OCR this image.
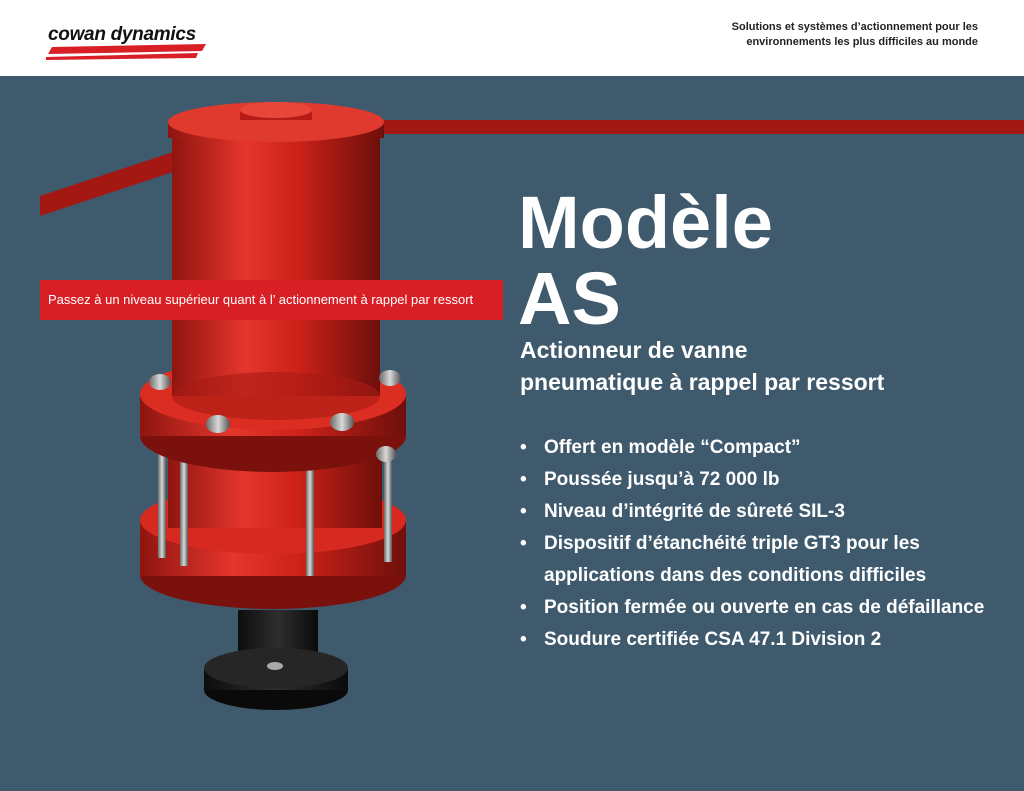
cowan dynamics	Solutions et systèmes d’actionnement pour les
environnements les plus difficiles au monde
Passez à un niveau supérieur quant à l’ actionnement à rappel par ressort
Modèle
AS
Actionneur de vanne
pneumatique à rappel par ressort
• Offert en modèle “Compact”
• Poussée jusqu’à 72 000 lb
• Niveau d’intégrité de sûreté SIL-3
• Dispositif d’étanchéité triple GT3 pour les applications dans des conditions difficiles
• Position fermée ou ouverte en cas de défaillance
• Soudure certifiée CSA 47.1 Division 2
